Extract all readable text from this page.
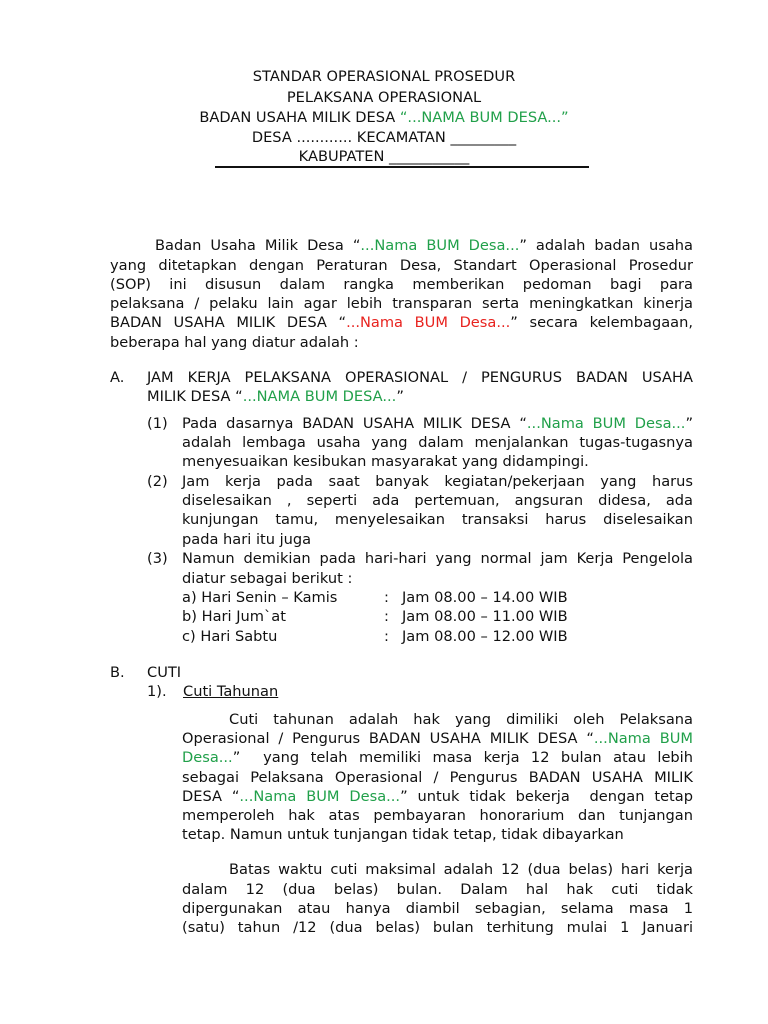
STANDAR OPERASIONAL PROSEDUR
PELAKSANA OPERASIONAL
BADAN USAHA MILIK DESA “...NAMA BUM DESA...”
DESA ............ KECAMATAN _________
KABUPATEN ___________
Badan Usaha Milik Desa “...Nama BUM Desa...” adalah badan usaha
yang ditetapkan dengan Peraturan Desa, Standart Operasional Prosedur
(SOP) ini disusun dalam rangka memberikan pedoman bagi para
pelaksana / pelaku lain agar lebih transparan serta meningkatkan kinerja
BADAN USAHA MILIK DESA “...Nama BUM Desa...” secara kelembagaan,
beberapa hal yang diatur adalah :
A. JAM KERJA PELAKSANA OPERASIONAL / PENGURUS BADAN USAHA
MILIK DESA “...NAMA BUM DESA...”
(1) Pada dasarnya BADAN USAHA MILIK DESA “...Nama BUM Desa...”
adalah lembaga usaha yang dalam menjalankan tugas-tugasnya
menyesuaikan kesibukan masyarakat yang didampingi.
(2) Jam kerja pada saat banyak kegiatan/pekerjaan yang harus
diselesaikan , seperti ada pertemuan, angsuran didesa, ada
kunjungan tamu, menyelesaikan transaksi harus diselesaikan
pada hari itu juga
(3) Namun demikian pada hari-hari yang normal jam Kerja Pengelola
diatur sebagai berikut :
a) Hari Senin – Kamis	: Jam 08.00 – 14.00 WIB
b) Hari Jum`at	: Jam 08.00 – 11.00 WIB
c) Hari Sabtu	: Jam 08.00 – 12.00 WIB
B. CUTI
1). Cuti Tahunan
Cuti tahunan adalah hak yang dimiliki oleh Pelaksana
Operasional / Pengurus BADAN USAHA MILIK DESA “...Nama BUM
Desa...”  yang telah memiliki masa kerja 12 bulan atau lebih
sebagai Pelaksana Operasional / Pengurus BADAN USAHA MILIK
DESA “...Nama BUM Desa...” untuk tidak bekerja  dengan tetap
memperoleh hak atas pembayaran honorarium dan tunjangan
tetap. Namun untuk tunjangan tidak tetap, tidak dibayarkan
Batas waktu cuti maksimal adalah 12 (dua belas) hari kerja
dalam 12 (dua belas) bulan. Dalam hal hak cuti tidak
dipergunakan atau hanya diambil sebagian, selama masa 1
(satu) tahun /12 (dua belas) bulan terhitung mulai 1 Januari
